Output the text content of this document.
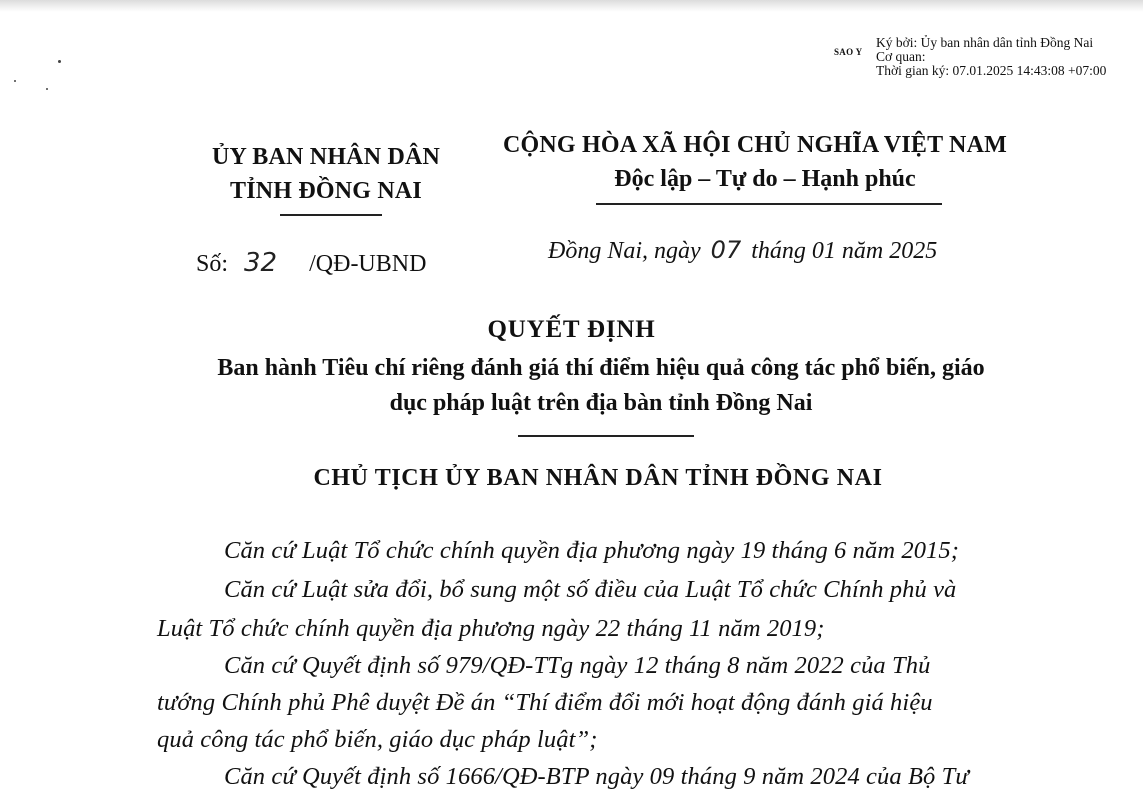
SAO Y
Ký bởi: Ủy ban nhân dân tỉnh Đồng Nai
Cơ quan:
Thời gian ký: 07.01.2025 14:43:08 +07:00
ỦY BAN NHÂN DÂN
TỈNH ĐỒNG NAI
CỘNG HÒA XÃ HỘI CHỦ NGHĨA VIỆT NAM
Độc lập – Tự do – Hạnh phúc
Số: 32 /QĐ-UBND	Đồng Nai, ngày 07 tháng 01 năm 2025
QUYẾT ĐỊNH
Ban hành Tiêu chí riêng đánh giá thí điểm hiệu quả công tác phổ biến, giáo
dục pháp luật trên địa bàn tỉnh Đồng Nai
CHỦ TỊCH ỦY BAN NHÂN DÂN TỈNH ĐỒNG NAI
Căn cứ Luật Tổ chức chính quyền địa phương ngày 19 tháng 6 năm 2015;
Căn cứ Luật sửa đổi, bổ sung một số điều của Luật Tổ chức Chính phủ và
Luật Tổ chức chính quyền địa phương ngày 22 tháng 11 năm 2019;
Căn cứ Quyết định số 979/QĐ-TTg ngày 12 tháng 8 năm 2022 của Thủ
tướng Chính phủ Phê duyệt Đề án “Thí điểm đổi mới hoạt động đánh giá hiệu
quả công tác phổ biến, giáo dục pháp luật”;
Căn cứ Quyết định số 1666/QĐ-BTP ngày 09 tháng 9 năm 2024 của Bộ Tư
